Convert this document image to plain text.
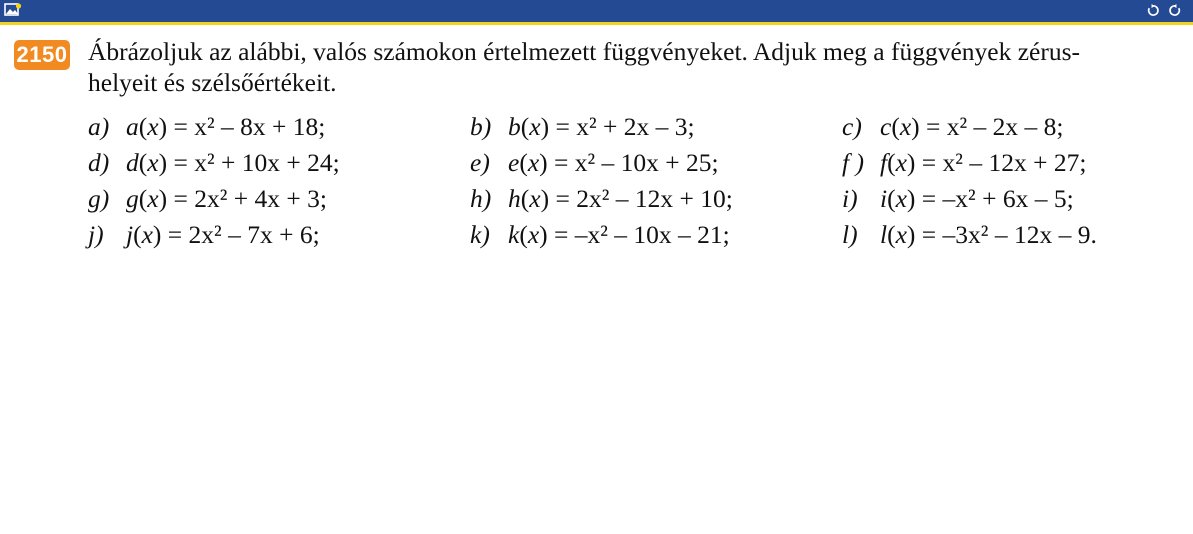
2150 Ábrázoljuk az alábbi, valós számokon értelmezett függvényeket. Adjuk meg a függvények zérus-
helyeit és szélsőértékeit.
a) a(x) = x² – 8x + 18;	b) b(x) = x² + 2x – 3;	c) c(x) = x² – 2x – 8;
d) d(x) = x² + 10x + 24;	e) e(x) = x² – 10x + 25;	f ) f(x) = x² – 12x + 27;
g) g(x) = 2x² + 4x + 3;	h) h(x) = 2x² – 12x + 10;	i) i(x) = –x² + 6x – 5;
j) j(x) = 2x² – 7x + 6;	k) k(x) = –x² – 10x – 21;	l) l(x) = –3x² – 12x – 9.
